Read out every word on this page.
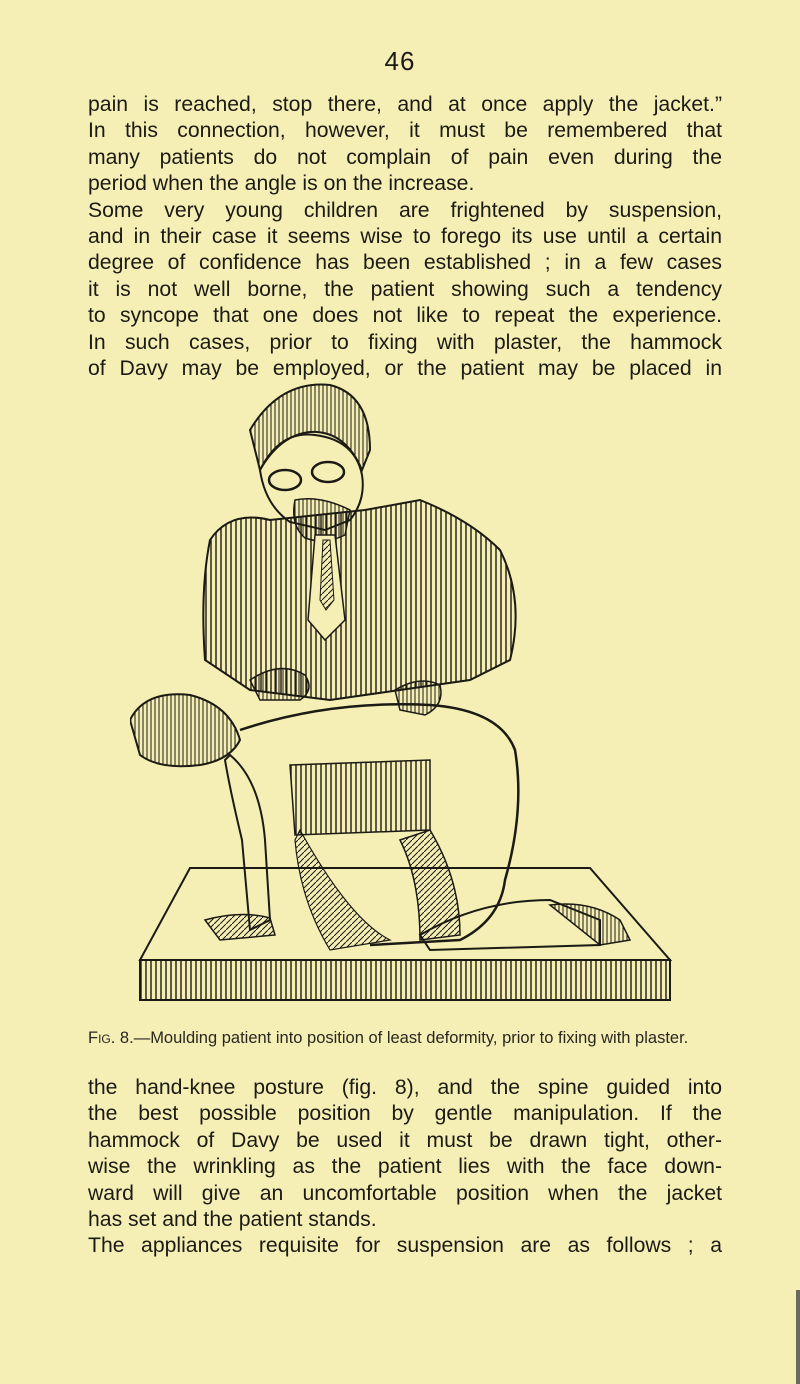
46

pain is reached, stop there, and at once apply the jacket.”

In this connection, however, it must be remembered that

many patients do not complain of pain even during the

period when the angle is on the increase.

Some very young children are frightened by suspension,

and in their case it seems wise to forego its use until a certain

degree of confidence has been established ; in a few cases

it is not well borne, the patient showing such a tendency

to syncope that one does not like to repeat the experience.

In such cases, prior to fixing with plaster, the hammock

of Davy may be employed, or the patient may be placed in

Fig. 8.—Moulding patient into position of least deformity, prior to fixing with plaster.

the hand-knee posture (fig. 8), and the spine guided into

the best possible position by gentle manipulation. If the

hammock of Davy be used it must be drawn tight, other-

wise the wrinkling as the patient lies with the face down-

ward will give an uncomfortable position when the jacket

has set and the patient stands.

The appliances requisite for suspension are as follows ; a
